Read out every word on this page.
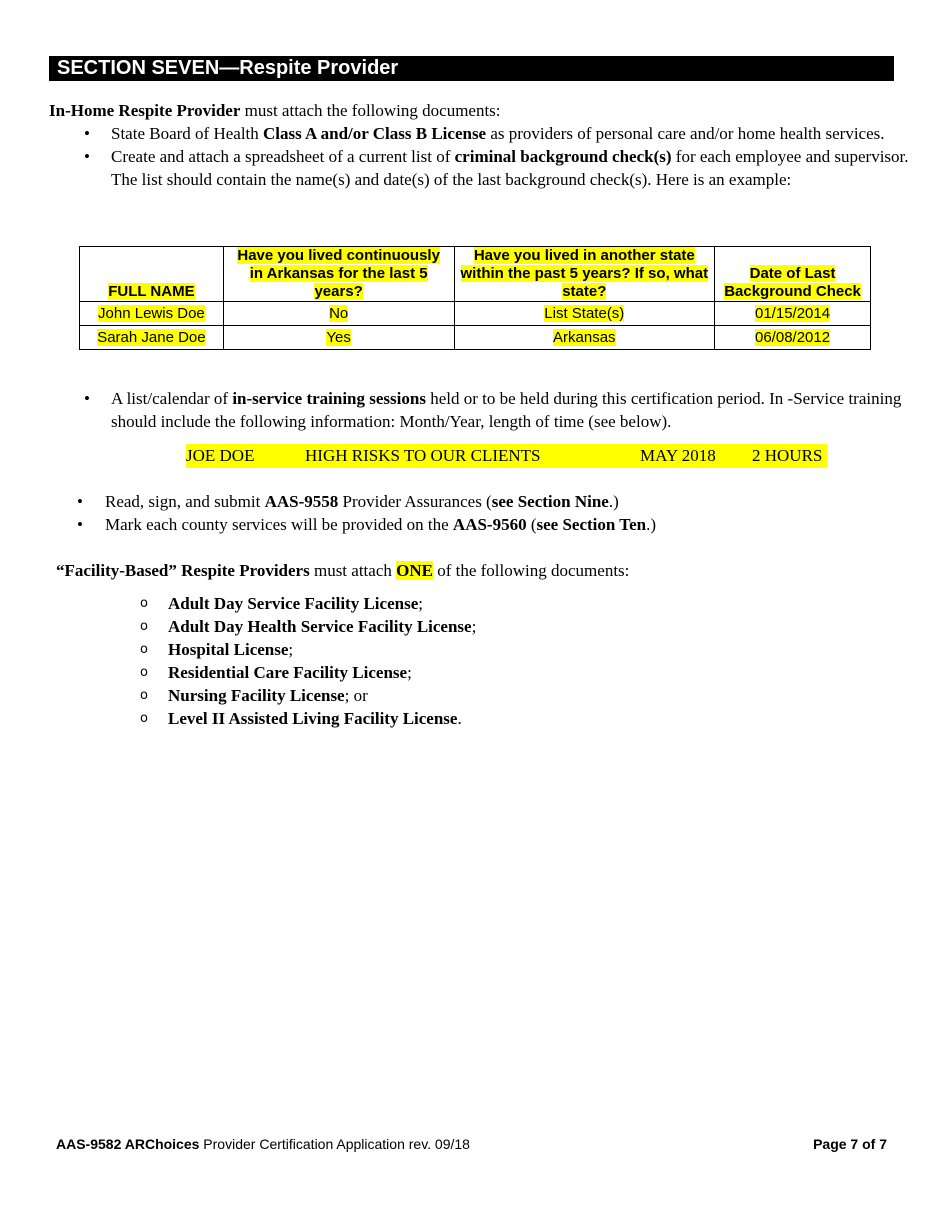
SECTION SEVEN—Respite Provider
In-Home Respite Provider must attach the following documents:
• State Board of Health Class A and/or Class B License as providers of personal care and/or home health services.
• Create and attach a spreadsheet of a current list of criminal background check(s) for each employee and supervisor. The list should contain the name(s) and date(s) of the last background check(s). Here is an example:
FULL NAME	Have you lived continuously in Arkansas for the last 5 years?	Have you lived in another state within the past 5 years? If so, what state?	Date of Last Background Check
John Lewis Doe	No	List State(s)	01/15/2014
Sarah Jane Doe	Yes	Arkansas	06/08/2012
• A list/calendar of in-service training sessions held or to be held during this certification period. In -Service training should include the following information: Month/Year, length of time (see below).
JOE DOE	HIGH RISKS TO OUR CLIENTS	MAY 2018 2 HOURS
• Read, sign, and submit AAS-9558 Provider Assurances (see Section Nine.)
• Mark each county services will be provided on the AAS-9560 (see Section Ten.)
“Facility-Based” Respite Providers must attach ONE of the following documents:
o Adult Day Service Facility License;
o Adult Day Health Service Facility License;
o Hospital License;
o Residential Care Facility License;
o Nursing Facility License; or
o Level II Assisted Living Facility License.
AAS-9582 ARChoices Provider Certification Application rev. 09/18	Page 7 of 7
